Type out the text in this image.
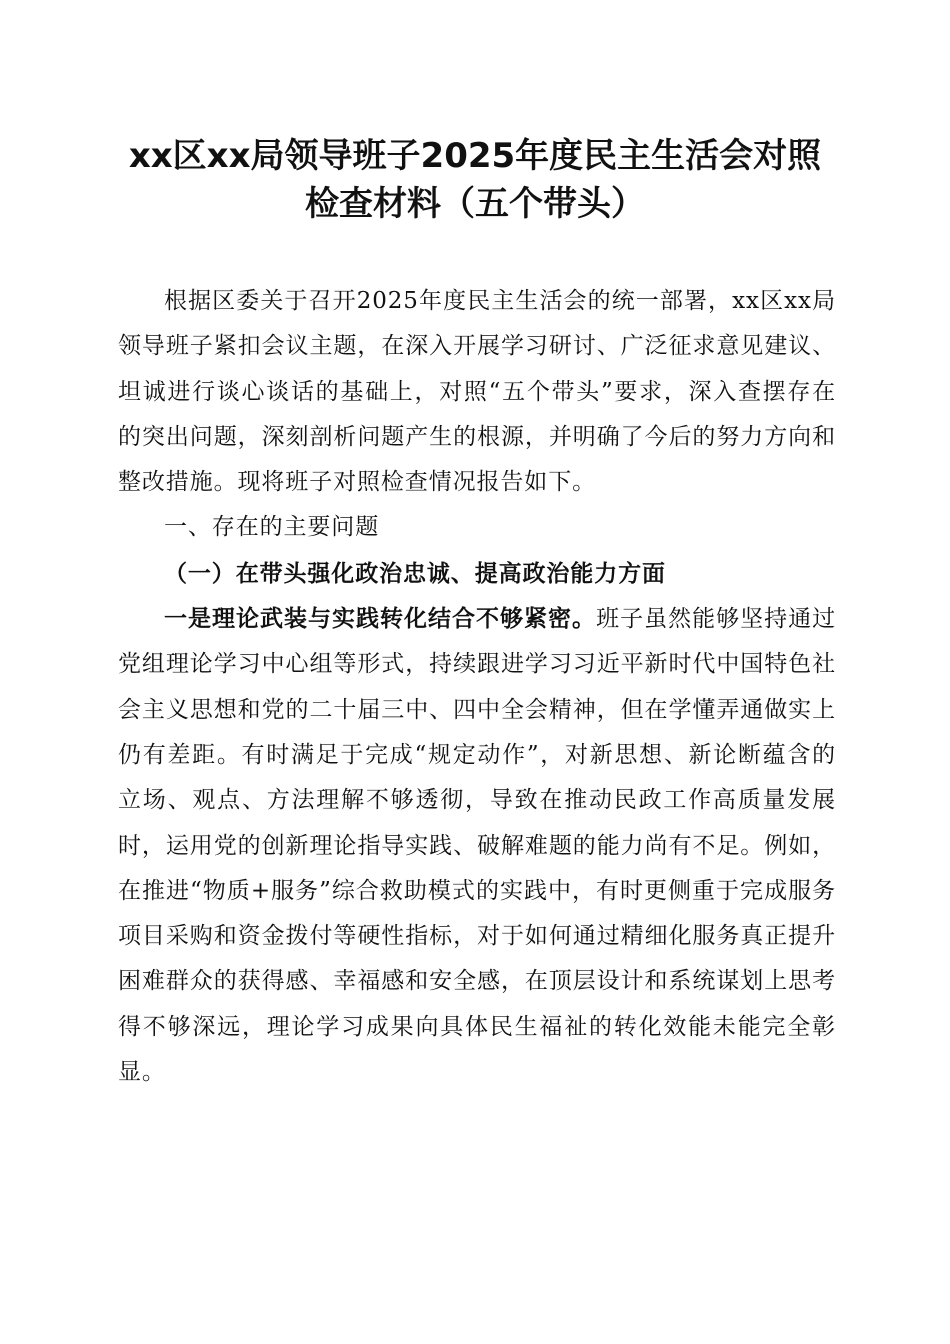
xx区xx局领导班子2025年度民主生活会对照
检查材料（五个带头）

根据区委关于召开2025年度民主生活会的统一部署，xx区xx局领导班子紧扣会议主题，在深入开展学习研讨、广泛征求意见建议、坦诚进行谈心谈话的基础上，对照“五个带头”要求，深入查摆存在的突出问题，深刻剖析问题产生的根源，并明确了今后的努力方向和整改措施。现将班子对照检查情况报告如下。

一、存在的主要问题

（一）在带头强化政治忠诚、提高政治能力方面

一是理论武装与实践转化结合不够紧密。班子虽然能够坚持通过党组理论学习中心组等形式，持续跟进学习习近平新时代中国特色社会主义思想和党的二十届三中、四中全会精神，但在学懂弄通做实上仍有差距。有时满足于完成“规定动作”，对新思想、新论断蕴含的立场、观点、方法理解不够透彻，导致在推动民政工作高质量发展时，运用党的创新理论指导实践、破解难题的能力尚有不足。例如，在推进“物质+服务”综合救助模式的实践中，有时更侧重于完成服务项目采购和资金拨付等硬性指标，对于如何通过精细化服务真正提升困难群众的获得感、幸福感和安全感，在顶层设计和系统谋划上思考得不够深远，理论学习成果向具体民生福祉的转化效能未能完全彰显。
